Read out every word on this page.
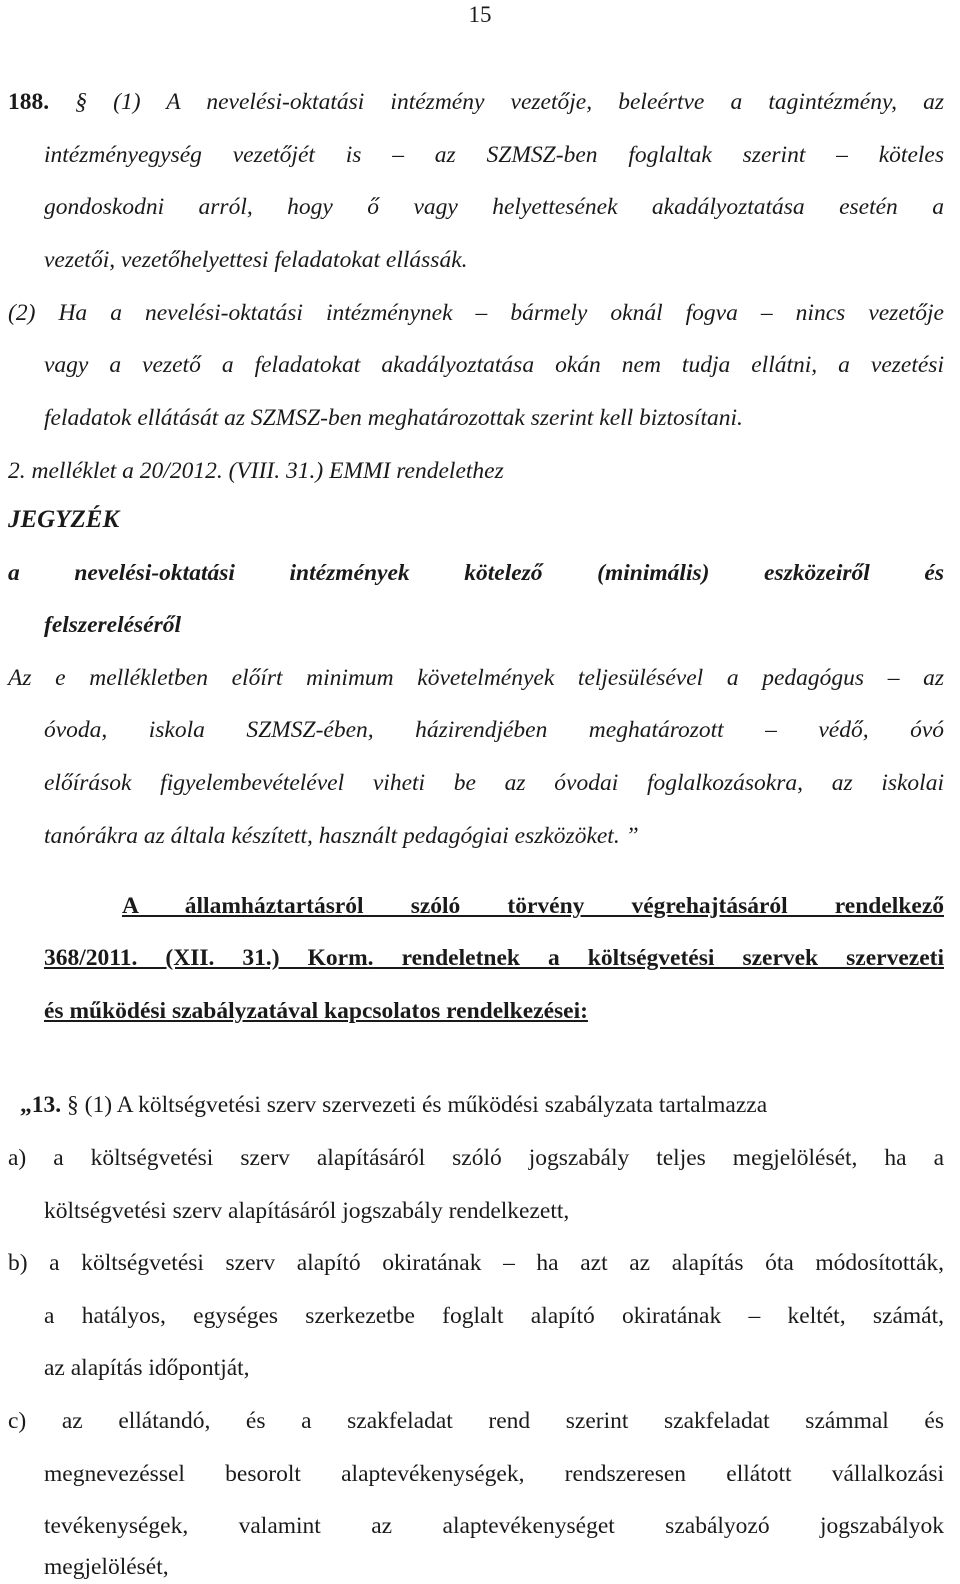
15
188. § (1) A nevelési-oktatási intézmény vezetője, beleértve a tagintézmény, az
intézményegység vezetőjét is – az SZMSZ-ben foglaltak szerint – köteles
gondoskodni arról, hogy ő vagy helyettesének akadályoztatása esetén a
vezetői, vezetőhelyettesi feladatokat ellássák.
(2) Ha a nevelési-oktatási intézménynek – bármely oknál fogva – nincs vezetője
vagy a vezető a feladatokat akadályoztatása okán nem tudja ellátni, a vezetési
feladatok ellátását az SZMSZ-ben meghatározottak szerint kell biztosítani.
2. melléklet a 20/2012. (VIII. 31.) EMMI rendelethez
JEGYZÉK
a nevelési-oktatási intézmények kötelező (minimális) eszközeiről és
felszereléséről
Az e mellékletben előírt minimum követelmények teljesülésével a pedagógus – az
óvoda, iskola SZMSZ-ében, házirendjében meghatározott – védő, óvó
előírások figyelembevételével viheti be az óvodai foglalkozásokra, az iskolai
tanórákra az általa készített, használt pedagógiai eszközöket. ”
A államháztartásról szóló törvény végrehajtásáról rendelkező
368/2011. (XII. 31.) Korm. rendeletnek a költségvetési szervek szervezeti
és működési szabályzatával kapcsolatos rendelkezései:
„13. § (1) A költségvetési szerv szervezeti és működési szabályzata tartalmazza
a) a költségvetési szerv alapításáról szóló jogszabály teljes megjelölését, ha a
költségvetési szerv alapításáról jogszabály rendelkezett,
b) a költségvetési szerv alapító okiratának – ha azt az alapítás óta módosították,
a hatályos, egységes szerkezetbe foglalt alapító okiratának – keltét, számát,
az alapítás időpontját,
c) az ellátandó, és a szakfeladat rend szerint szakfeladat számmal és
megnevezéssel besorolt alaptevékenységek, rendszeresen ellátott vállalkozási
tevékenységek, valamint az alaptevékenységet szabályozó jogszabályok
megjelölését,
